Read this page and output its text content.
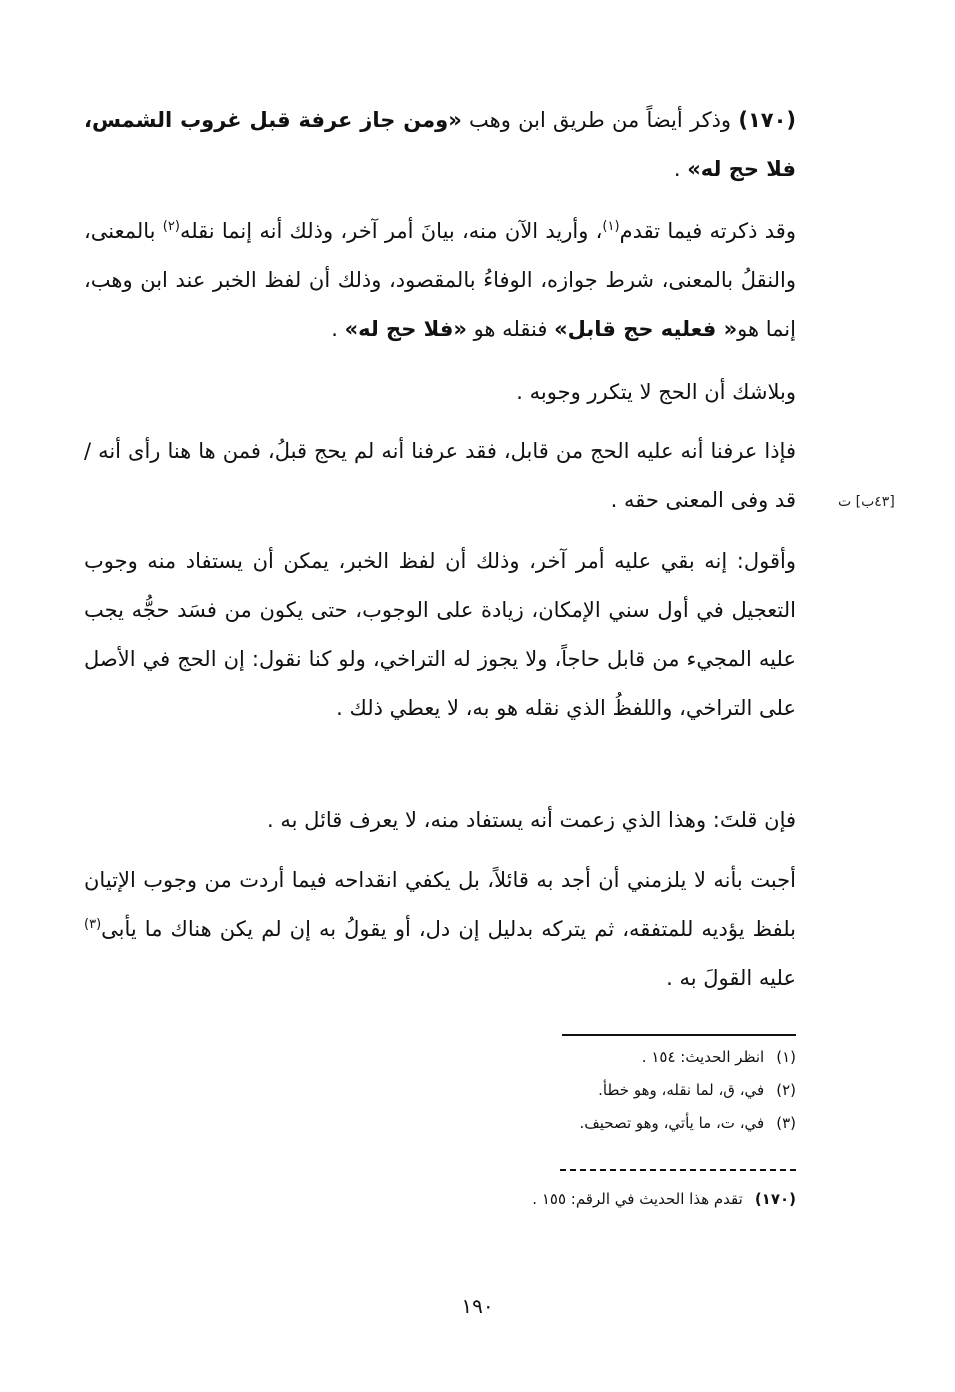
(١٧٠) وذكر أيضاً من طريق ابن وهب «ومن جاز عرفة قبل غروب الشمس، فلا حج له» .
وقد ذكرته فيما تقدم$^{(١)}$، وأريد الآن منه، بيانَ أمر آخر، وذلك أنه إنما نقله$^{(٢)}$ بالمعنى، والنقلُ بالمعنى، شرط جوازه، الوفاءُ بالمقصود، وذلك أن لفظ الخبر عند ابن وهب، إنما هو« فعليه حج قابل» فنقله هو «فلا حج له» .
وبلاشك أن الحج لا يتكرر وجوبه .
فإذا عرفنا أنه عليه الحج من قابل، فقد عرفنا أنه لم يحج قبلُ، فمن ها هنا رأى أنه / قد وفى المعنى حقه .	[٤٣ب] ت
وأقول: إنه بقي عليه أمر آخر، وذلك أن لفظ الخبر، يمكن أن يستفاد منه وجوب التعجيل في أول سني الإمكان، زيادة على الوجوب، حتى يكون من فسَد حجُّه يجب عليه المجيء من قابل حاجاً، ولا يجوز له التراخي، ولو كنا نقول: إن الحج في الأصل على التراخي، واللفظُ الذي نقله هو به، لا يعطي ذلك .
فإن قلتَ: وهذا الذي زعمت أنه يستفاد منه، لا يعرف قائل به .
أجبت بأنه لا يلزمني أن أجد به قائلاً، بل يكفي انقداحه فيما أردت من وجوب الإتيان بلفظ يؤديه للمتفقه، ثم يتركه بدليل إن دل، أو يقولُ به إن لم يكن هناك ما يأبى$^{(٣)}$ عليه القولَ به .
(١)انظر الحديث: ١٥٤ .
(٢)في، ق، لما نقله، وهو خطأ.
(٣)في، ت، ما يأتي، وهو تصحيف.
(١٧٠)تقدم هذا الحديث في الرقم: ١٥٥ .
١٩٠
